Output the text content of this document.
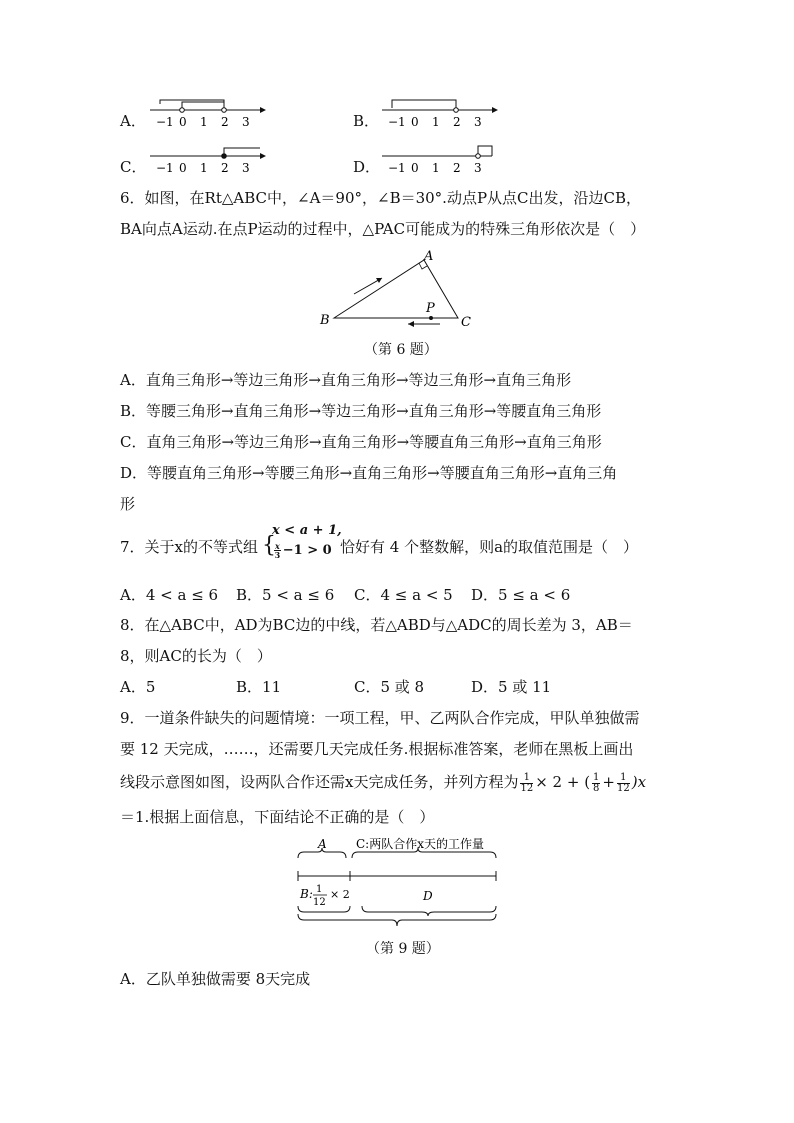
A． −1 0 1 2 3	B． −1 0 1 2 3
C． −1 0 1 2 3	D． −1 0 1 2 3
6．如图，在Rt△ABC中，∠A＝90°，∠B＝30°.动点P从点C出发，沿边CB，
BA向点A运动.在点P运动的过程中，△PAC可能成为的特殊三角形依次是（　）
A
B	C
P
（第 6 题）
A．直角三角形→等边三角形→直角三角形→等边三角形→直角三角形
B．等腰三角形→直角三角形→等边三角形→直角三角形→等腰直角三角形
C．直角三角形→等边三角形→直角三角形→等腰直角三角形→直角三角形
D．等腰直角三角形→等腰三角形→直角三角形→等腰直角三角形→直角三角
形
7．关于x的不等式组 {
x < a + 1,
$\frac{x}{3} -1 > 0$ 恰好有 4 个整数解，则a的取值范围是（　）
A．4 < a ≤ 6 B．5 < a ≤ 6 C．4 ≤ a < 5 D．5 ≤ a < 6
8．在△ABC中，AD为BC边的中线，若△ABD与△ADC的周长差为 3，AB＝
8，则AC的长为（　）
A．5	B．11	C．5 或 8	D．5 或 11
9．一道条件缺失的问题情境：一项工程，甲、乙两队合作完成，甲队单独做需
要 12 天完成，……，还需要几天完成任务.根据标准答案，老师在黑板上画出
线段示意图如图，设两队合作还需x天完成任务，并列方程为 $\frac{1}{12} \times 2$ + ( $\frac{1}{8} + \frac{1}{12} )x$
＝1.根据上面信息，下面结论不正确的是（　）
A C:两队合作x天的工作量
B: 1
12
× 2	D
（第 9 题）
A．乙队单独做需要 8天完成
